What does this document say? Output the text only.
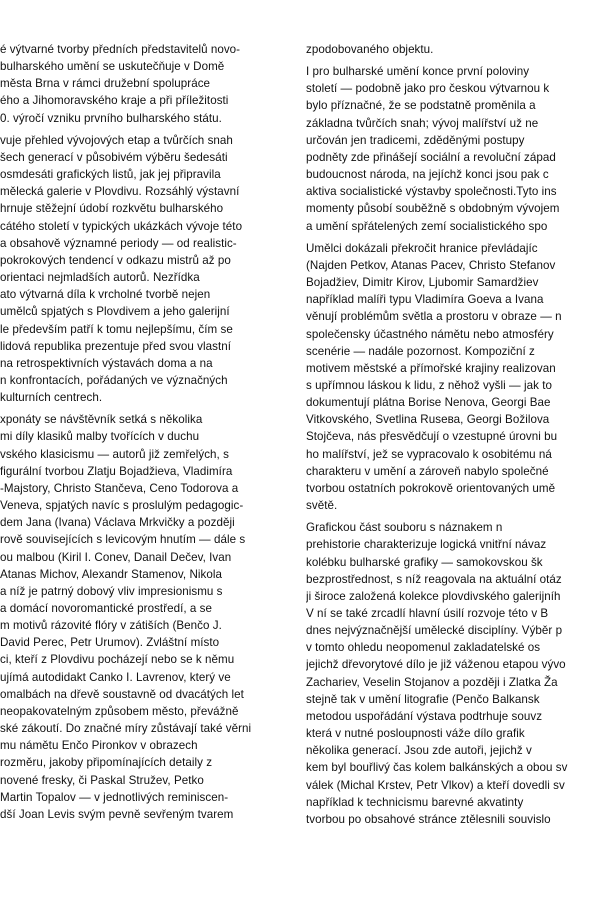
é výtvarné tvorby předních představitelů novo-

bulharského umění se uskutečňuje v Domě

města Brna v rámci družební spolupráce

ého a Jihomoravského kraje a při příležitosti

0. výročí vzniku prvního bulharského státu.

vuje přehled vývojových etap a tvůrčích snah

šech generací v působivém výběru šedesáti

osmdesáti grafických listů, jak jej připravila

mělecká galerie v Plovdivu. Rozsáhlý výstavní

hrnuje stěžejní údobí rozkvětu bulharského

cátého století v typických ukázkách vývoje této

a obsahově významné periody — od realistic-

pokrokových tendencí v odkazu mistrů až po

orientaci nejmladších autorů. Nezřídka

ato výtvarná díla k vrcholné tvorbě nejen

umělců spjatých s Plovdivem a jeho galerijní

le především patří k tomu nejlepšímu, čím se

lidová republika prezentuje před svou vlastní

na retrospektivních výstavách doma a na

n konfrontacích, pořádaných ve význačných

kulturních centrech.

xponáty se návštěvník setká s několika

mi díly klasiků malby tvořících v duchu

vského klasicismu — autorů již zemřelých, s

figurální tvorbou Zlatju Bojadžieva, Vladimíra

-Majstory, Christo Stančeva, Ceno Todorova a

Veneva, spjatých navíc s proslulým pedagogic-

dem Jana (Ivana) Václava Mrkvičky a později

rově souvisejících s levicovým hnutím — dále s

ou malbou (Kiril I. Conev, Danail Dečev, Ivan

Atanas Michov, Alexandr Stamenov, Nikola

a níž je patrný dobový vliv impresionismu s

a domácí novoromantické prostředí, a se

m motivů rázovité flóry v zátiších (Benčo J.

David Perec, Petr Urumov). Zvláštní místo

ci, kteří z Plovdivu pocházejí nebo se k němu

ujímá autodidakt Canko I. Lavrenov, který ve

omalbách na dřevě soustavně od dvacátých let

neopakovatelným způsobem město, převážně

ské zákoutí. Do značné míry zůstávají také věrni

mu námětu Enčo Pironkov v obrazech

rozměru, jakoby připomínajících detaily z

novené fresky, či Paskal Stružev, Petko

Martin Topalov — v jednotlivých reminiscen-

dší Joan Levis svým pevně sevřeným tvarem

zpodobovaného objektu.

I pro bulharské umění konce první poloviny

století — podobně jako pro českou výtvarnou k

bylo příznačné, že se podstatně proměnila a

základna tvůrčích snah; vývoj malířství už ne

určován jen tradicemi, zděděnými postupy

podněty zde přinášejí sociální a revoluční západ

budoucnost národa, na jejíchž konci jsou pak c

aktiva socialistické výstavby společnosti.Tyto ins

momenty působí souběžně s obdobným vývojem

a umění spřátelených zemí socialistického spo

Umělci dokázali překročit hranice převládajíc

(Najden Petkov, Atanas Pacev, Christo Stefanov

Bojadžiev, Dimitr Kirov, Ljubomir Samardžiev

například malíři typu Vladimíra Goeva a Ivana

věnují problémům světla a prostoru v obraze — n

společensky účastného námětu nebo atmosféry

scenérie — nadále pozornost. Kompoziční z

motivem městské a přímořské krajiny realizovan

s upřímnou láskou k lidu, z něhož vyšli — jak to

dokumentují plátna Borise Nenova, Georgi Bae

Vitkovského, Svetlina Rusева, Georgi Božilova

Stojčeva, nás přesvědčují o vzestupné úrovni bu

ho malířství, jež se vypracovalo k osobitému ná

charakteru v umění a zároveň nabylo společné

tvorbou ostatních pokrokově orientovaných umě

světě.

Grafickou část souboru s náznakem n

prehistorie charakterizuje logická vnitřní návaz

kolébku bulharské grafiky — samokovskou šk

bezprostřednost, s níž reagovala na aktuální otáz

ji široce založená kolekce plovdivského galerijníh

V ní se také zrcadlí hlavní úsilí rozvoje této v B

dnes nejvýznačnější umělecké disciplíny. Výběr p

v tomto ohledu neopomenul zakladatelské os

jejichž dřevorytové dílo je již váženou etapou vývo

Zachariev, Veselin Stojanov a později i Zlatka Ža

stejně tak v umění litografie (Penčo Balkansk

metodou uspořádání výstava podtrhuje souvz

která v nutné posloupnosti váže dílo grafik

několika generací. Jsou zde autoři, jejichž v

kem byl bouřlivý čas kolem balkánských a obou sv

válek (Michal Krstev, Petr Vlkov) a kteří dovedli sv

například k technicismu barevné akvatinty

tvorbou po obsahové stránce ztělesnili souvislo
